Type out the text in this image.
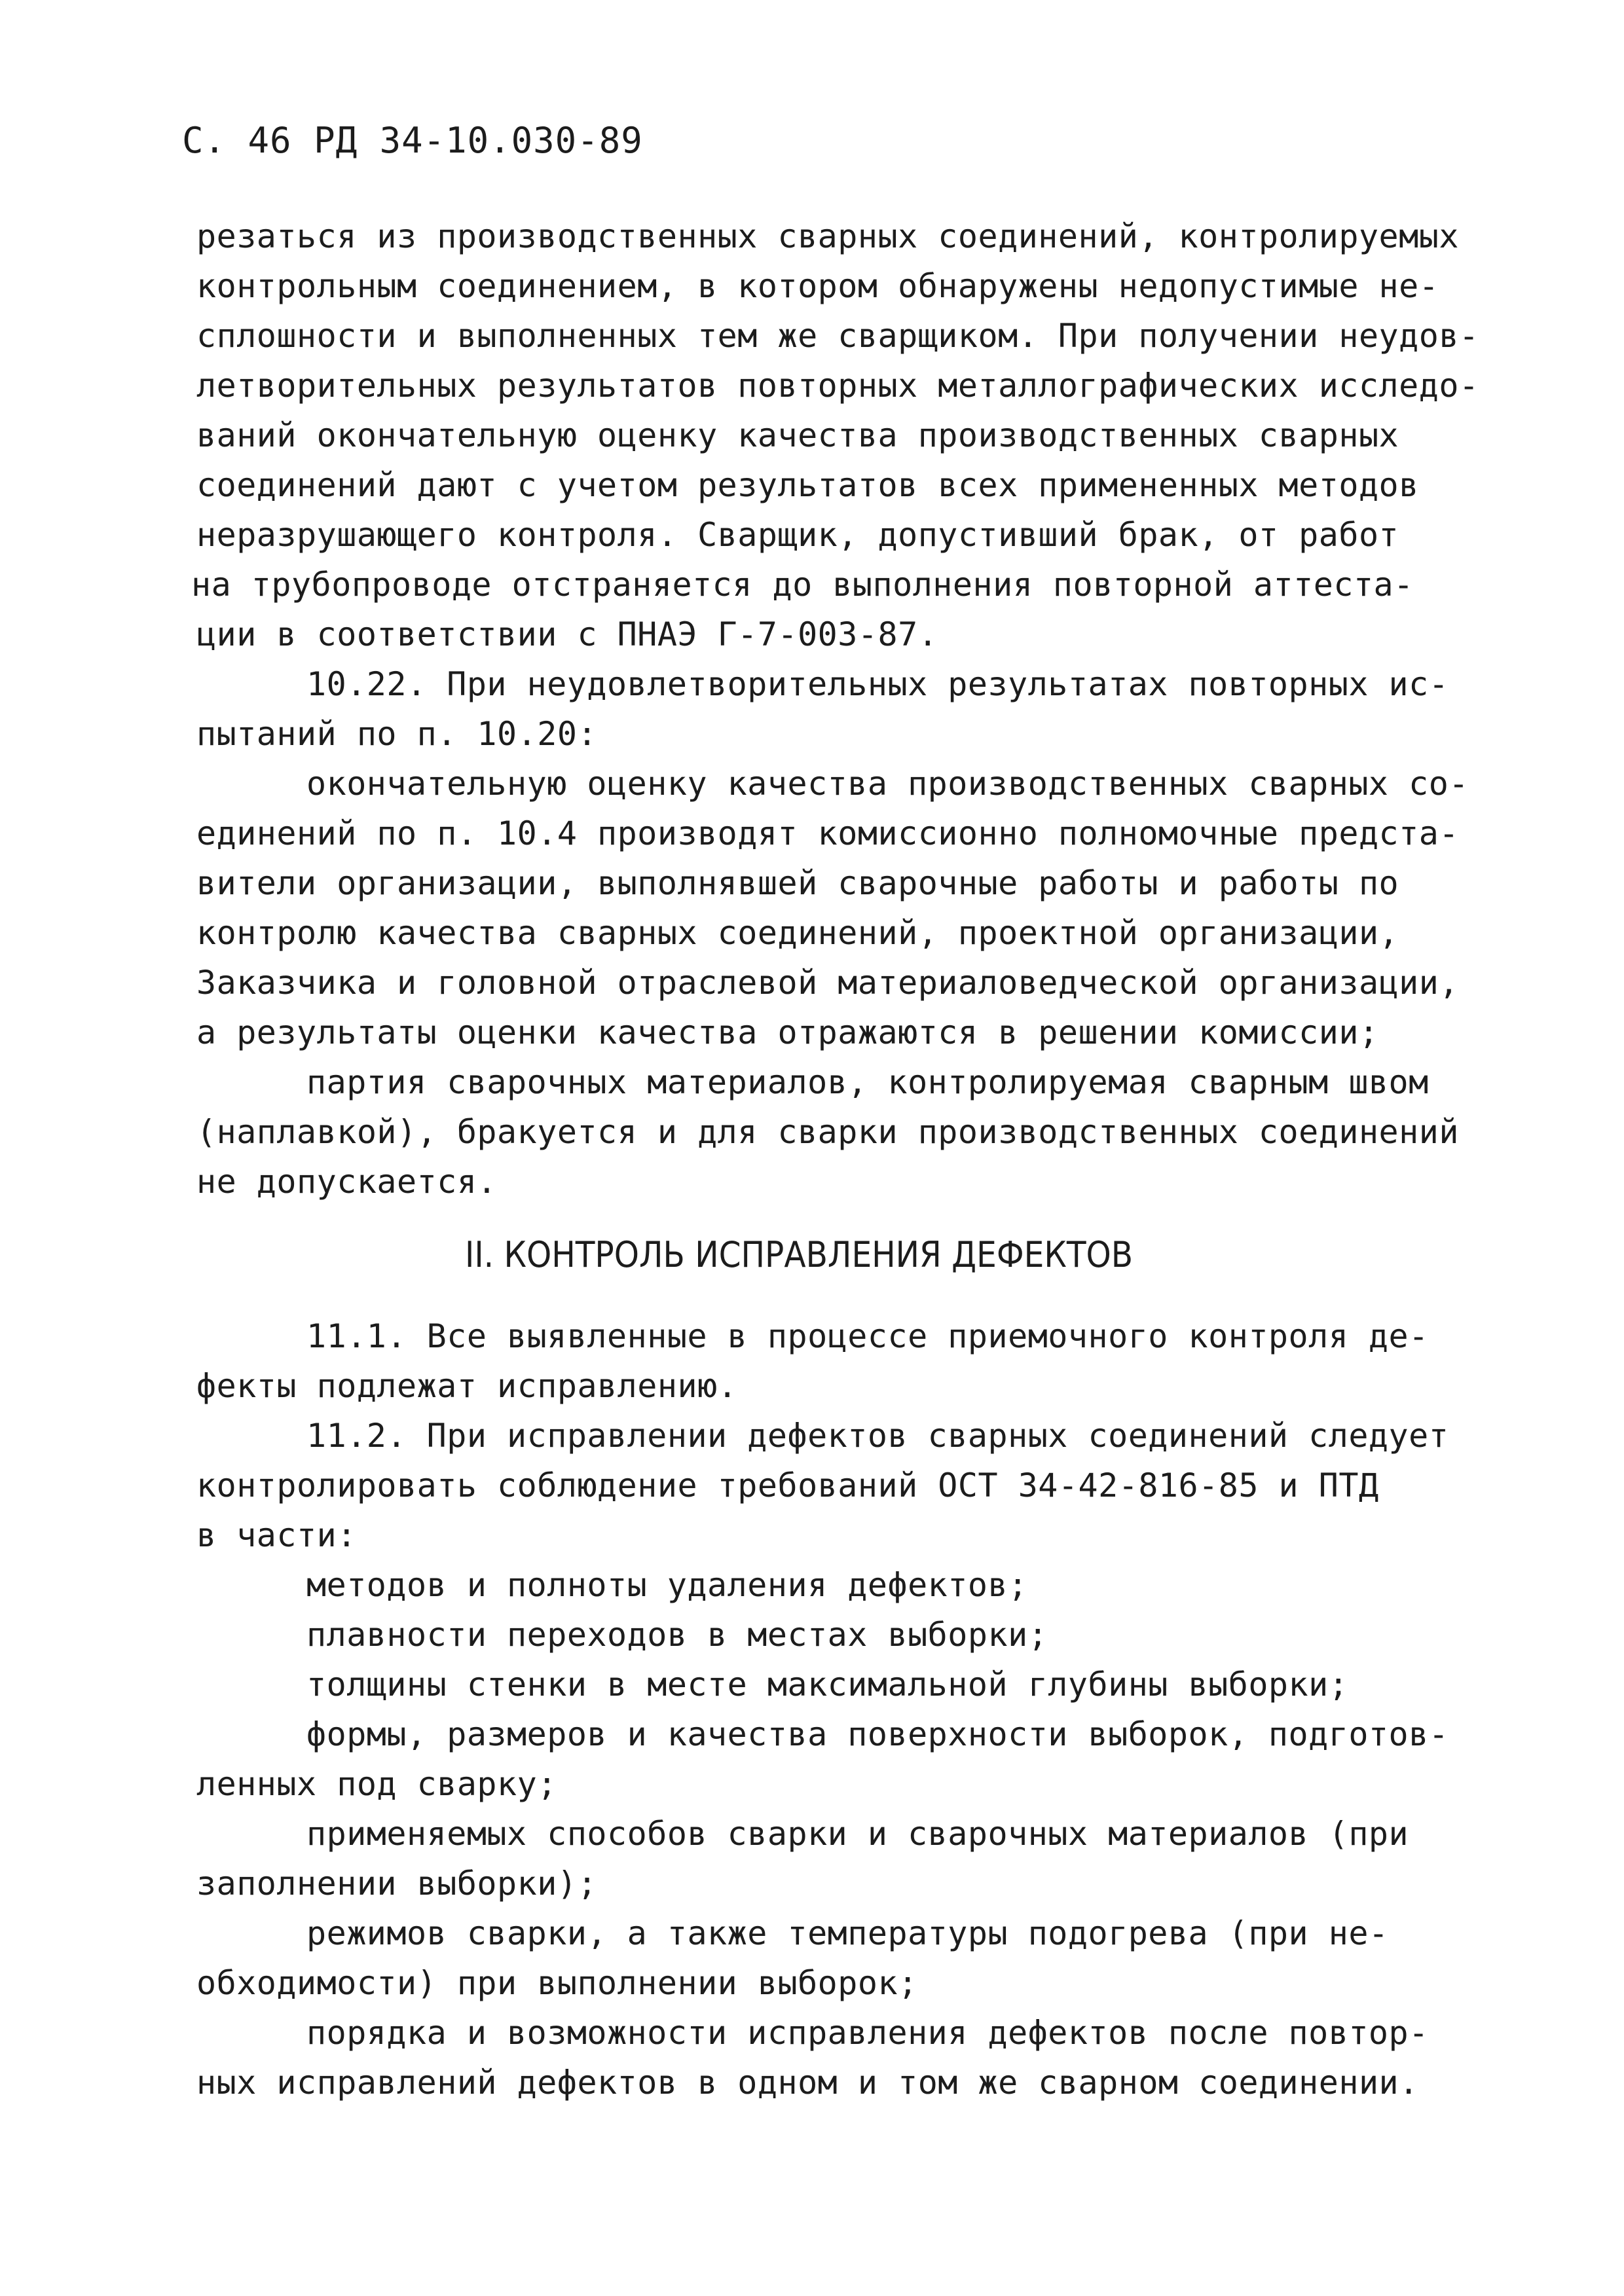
С. 46 РД 34-10.030-89
резаться из производственных сварных соединений, контролируемых
контрольным соединением, в котором обнаружены недопустимые не-
сплошности и выполненных тем же сварщиком. При получении неудов-
летворительных результатов повторных металлографических исследо-
ваний окончательную оценку качества производственных сварных
соединений дают с учетом результатов всех примененных методов
неразрушающего контроля. Сварщик, допустивший брак, от работ
на трубопроводе отстраняется до выполнения повторной аттеста-
ции в соответствии с ПНАЭ Г-7-003-87.
10.22. При неудовлетворительных результатах повторных ис-
пытаний по п. 10.20:
окончательную оценку качества производственных сварных со-
единений по п. 10.4 производят комиссионно полномочные предста-
вители организации, выполнявшей сварочные работы и работы по
контролю качества сварных соединений, проектной организации,
Заказчика и головной отраслевой материаловедческой организации,
а результаты оценки качества отражаются в решении комиссии;
партия сварочных материалов, контролируемая сварным швом
(наплавкой), бракуется и для сварки производственных соединений
не допускается.
II. КОНТРОЛЬ ИСПРАВЛЕНИЯ ДЕФЕКТОВ
11.1. Все выявленные в процессе приемочного контроля де-
фекты подлежат исправлению.
11.2. При исправлении дефектов сварных соединений следует
контролировать соблюдение требований ОСТ 34-42-816-85 и ПТД
в части:
методов и полноты удаления дефектов;
плавности переходов в местах выборки;
толщины стенки в месте максимальной глубины выборки;
формы, размеров и качества поверхности выборок, подготов-
ленных под сварку;
применяемых способов сварки и сварочных материалов (при
заполнении выборки);
режимов сварки, а также температуры подогрева (при не-
обходимости) при выполнении выборок;
порядка и возможности исправления дефектов после повтор-
ных исправлений дефектов в одном и том же сварном соединении.
